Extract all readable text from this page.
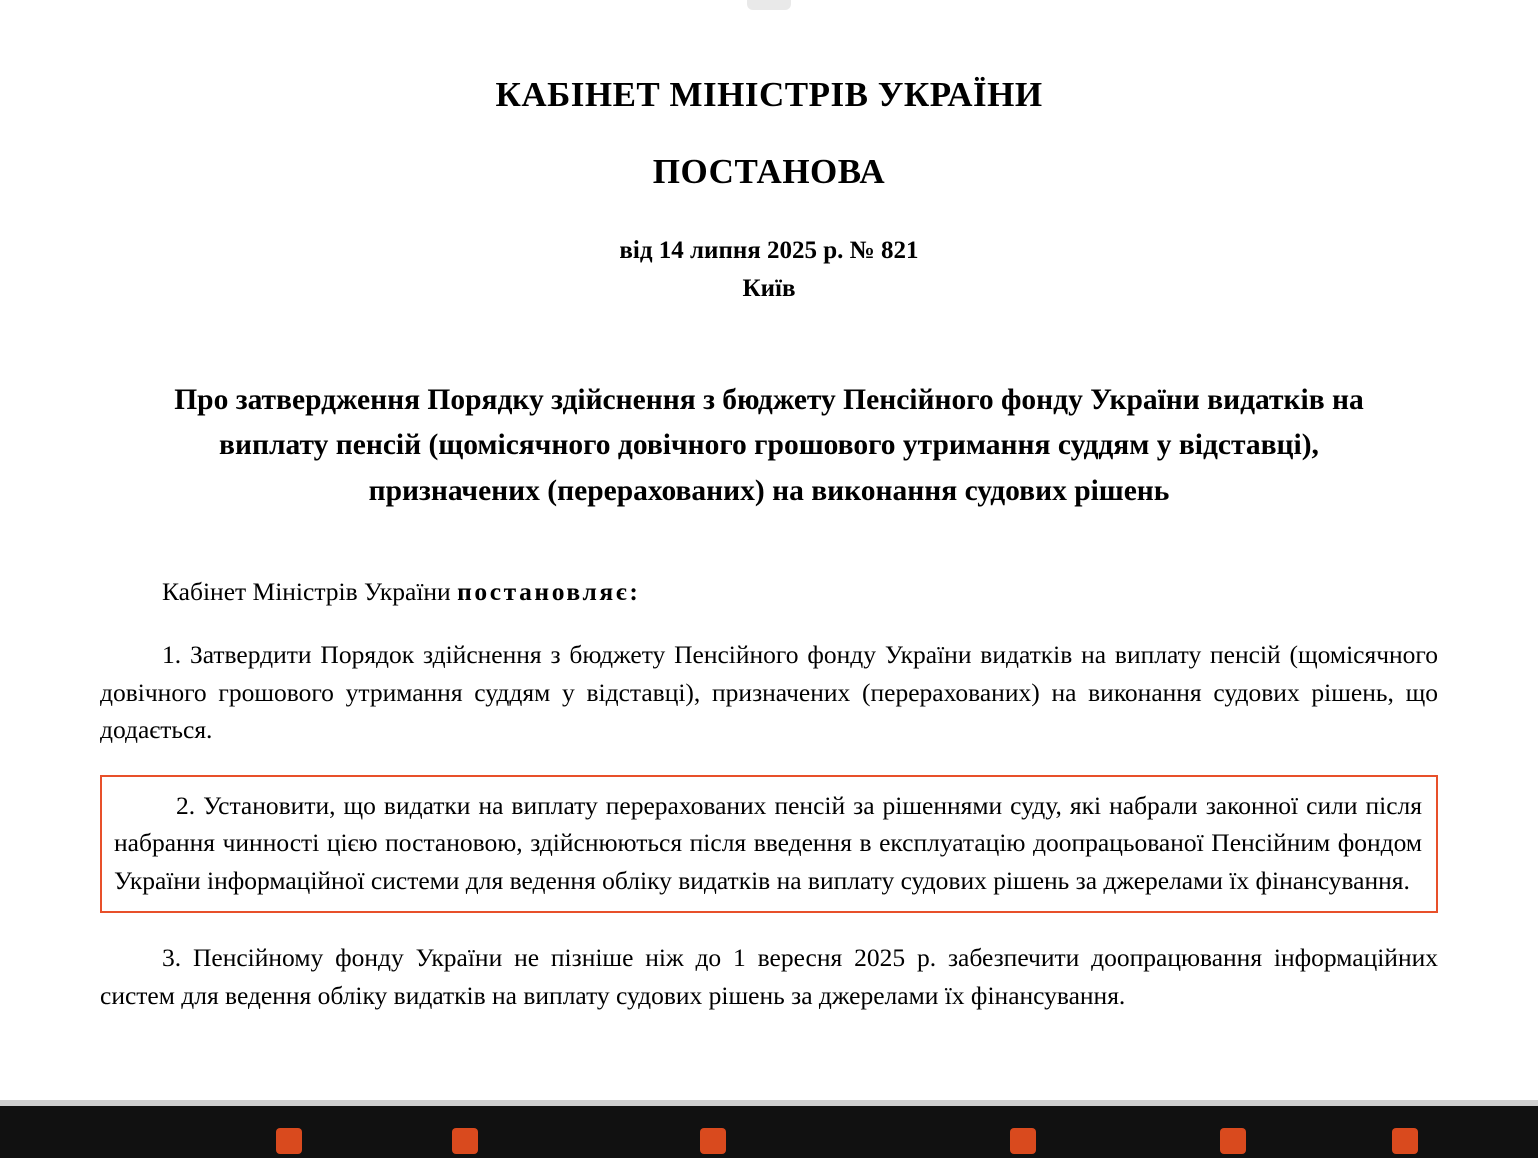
КАБІНЕТ МІНІСТРІВ УКРАЇНИ
ПОСТАНОВА
від 14 липня 2025 р. № 821
Київ
Про затвердження Порядку здійснення з бюджету Пенсійного фонду України видатків на виплату пенсій (щомісячного довічного грошового утримання суддям у відставці), призначених (перерахованих) на виконання судових рішень

Кабінет Міністрів України постановляє:

1. Затвердити Порядок здійснення з бюджету Пенсійного фонду України видатків на виплату пенсій (щомісячного довічного грошового утримання суддям у відставці), призначених (перерахованих) на виконання судових рішень, що додається.

2. Установити, що видатки на виплату перерахованих пенсій за рішеннями суду, які набрали законної сили після набрання чинності цією постановою, здійснюються після введення в експлуатацію доопрацьованої Пенсійним фондом України інформаційної системи для ведення обліку видатків на виплату судових рішень за джерелами їх фінансування.

3. Пенсійному фонду України не пізніше ніж до 1 вересня 2025 р. забезпечити доопрацювання інформаційних систем для ведення обліку видатків на виплату судових рішень за джерелами їх фінансування.
